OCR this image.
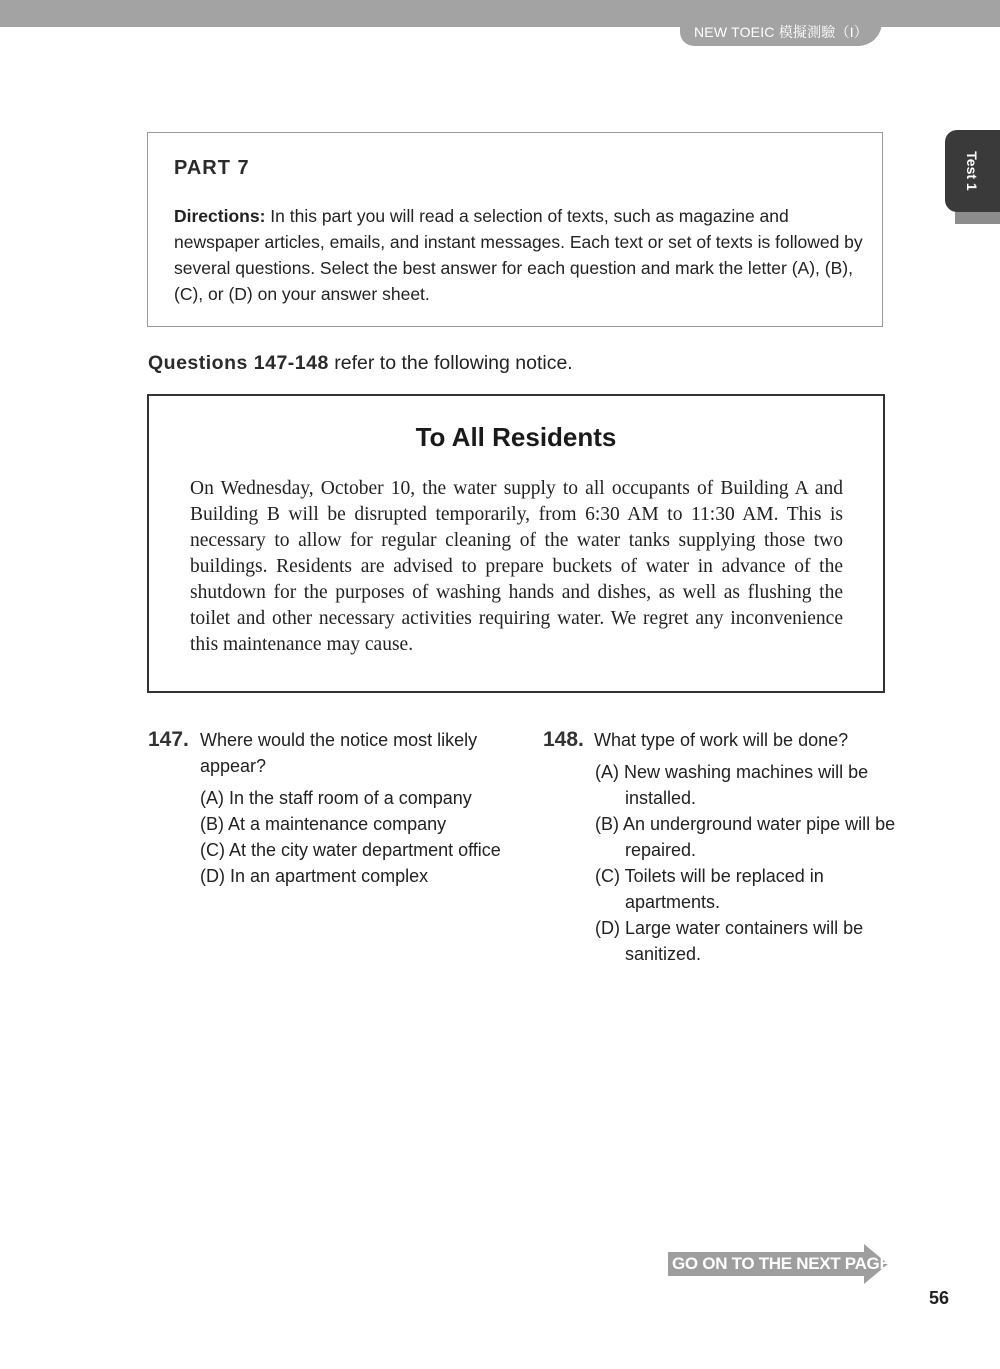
NEW TOEIC 模擬測驗（I）
Test 1
PART 7
Directions: In this part you will read a selection of texts, such as magazine and newspaper articles, emails, and instant messages. Each text or set of texts is followed by several questions. Select the best answer for each question and mark the letter (A), (B), (C), or (D) on your answer sheet.
Questions 147-148 refer to the following notice.
To All Residents

On Wednesday, October 10, the water supply to all occupants of Building A and Building B will be disrupted temporarily, from 6:30 AM to 11:30 AM. This is necessary to allow for regular cleaning of the water tanks supplying those two buildings. Residents are advised to prepare buckets of water in advance of the shutdown for the purposes of washing hands and dishes, as well as flushing the toilet and other necessary activities requiring water. We regret any inconvenience this maintenance may cause.

147. Where would the notice most likely appear?
(A) In the staff room of a company
(B) At a maintenance company
(C) At the city water department office
(D) In an apartment complex
148. What type of work will be done?
(A) New washing machines will be installed.
(B) An underground water pipe will be repaired.
(C) Toilets will be replaced in apartments.
(D) Large water containers will be sanitized.
GO ON TO THE NEXT PAGE
56
